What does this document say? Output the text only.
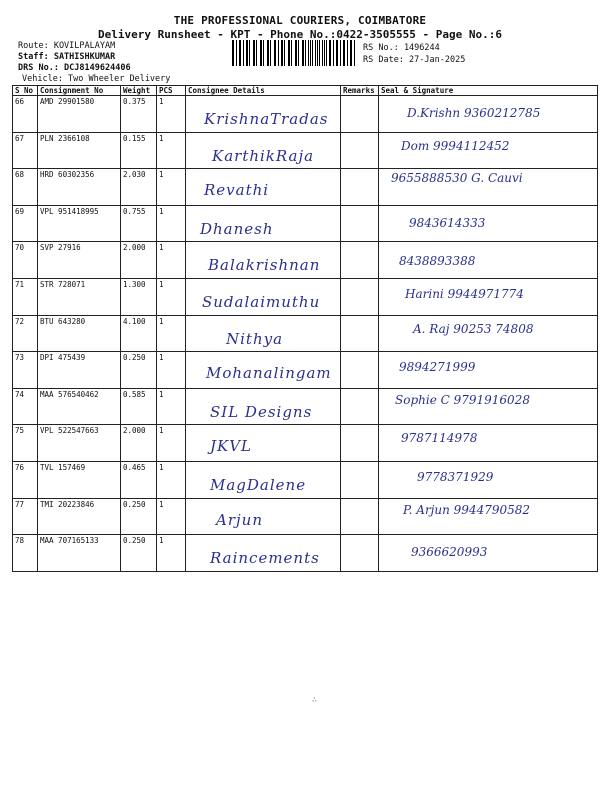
THE PROFESSIONAL COURIERS, COIMBATORE
Delivery Runsheet - KPT - Phone No.:0422-3505555 - Page No.:6
Route: KOVILPALAYAM
Staff: SATHISHKUMAR
DRS No.: DCJ8149624406
Vehicle: Two Wheeler Delivery
RS No.: 1496244
RS Date: 27-Jan-2025
S No	Consignment No	Weight	PCS	Consignee Details	Remarks	Seal & Signature
66	AMD 29901580	0.375	1	KrishnaTradas		D.Krishn 9360212785

67	PLN 2366108	0.155	1	KarthikRaja		Dom 9994112452

68	HRD 60302356	2.030	1	Revathi		9655888530 G. Cauvi

69	VPL 951418995	0.755	1	Dhanesh		9843614333

70	SVP 27916	2.000	1	Balakrishnan		8438893388

71	STR 728071	1.300	1	Sudalaimuthu		Harini 9944971774

72	BTU 643280	4.100	1	Nithya		A. Raj 90253 74808

73	DPI 475439	0.250	1	Mohanalingam		9894271999

74	MAA 576540462	0.585	1	SIL Designs		Sophie C 9791916028

75	VPL 522547663	2.000	1	JKVL		9787114978

76	TVL 157469	0.465	1	MagDalene		9778371929

77	TMI 20223846	0.250	1	Arjun		P. Arjun 9944790582

78	MAA 707165133	0.250	1	Raincements		9366620993
∴
